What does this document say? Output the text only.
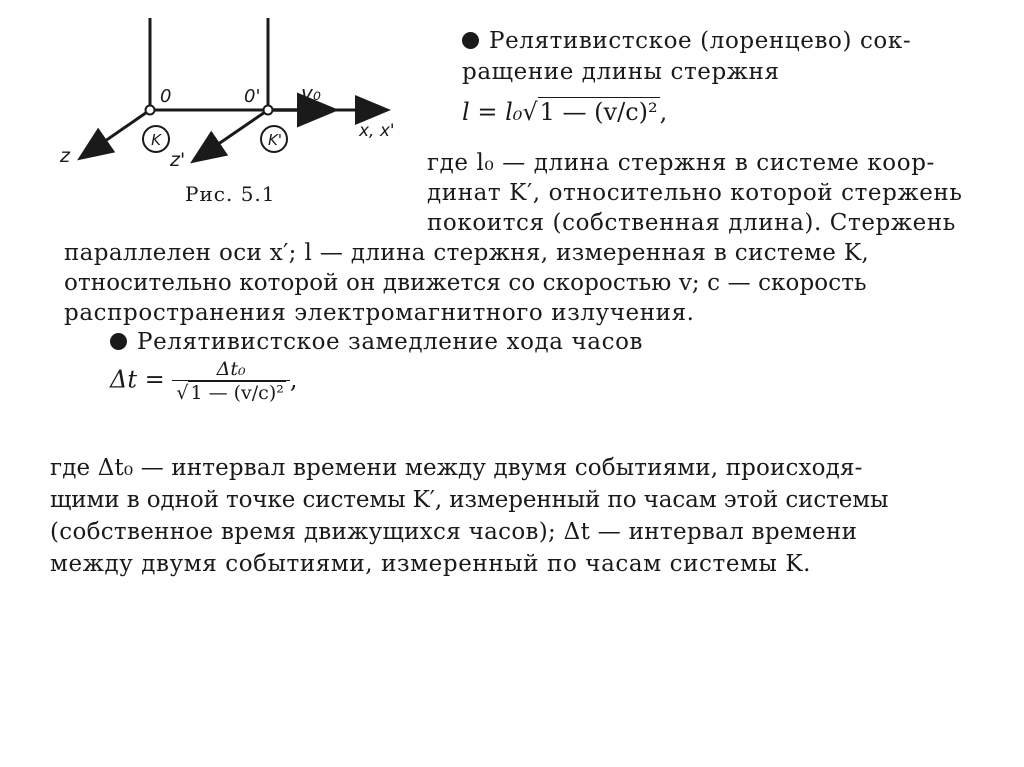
K	K'
0	0' v₀
x, x'
z	z'
Рис. 5.1
Релятивистское (лоренцево) сок-
ращение длины стержня
l = l₀√1 — (v/c)²,
где l₀ — длина стержня в системе коор-
динат K′, относительно которой стержень
покоится (собственная длина). Стержень
параллелен оси x′; l — длина стержня, измеренная в системе K,
относительно которой он движется со скоростью v; c — скорость
распространения электромагнитного излучения.
Релятивистское замедление хода часов
$\Delta t = \frac{\text{Δt₀}}{\text{√ 1 — (v/c)²}}$ ,
где Δt₀ — интервал времени между двумя событиями, происходя-
щими в одной точке системы K′, измеренный по часам этой системы
(собственное время движущихся часов); Δt — интервал времени
между двумя событиями, измеренный по часам системы K.
